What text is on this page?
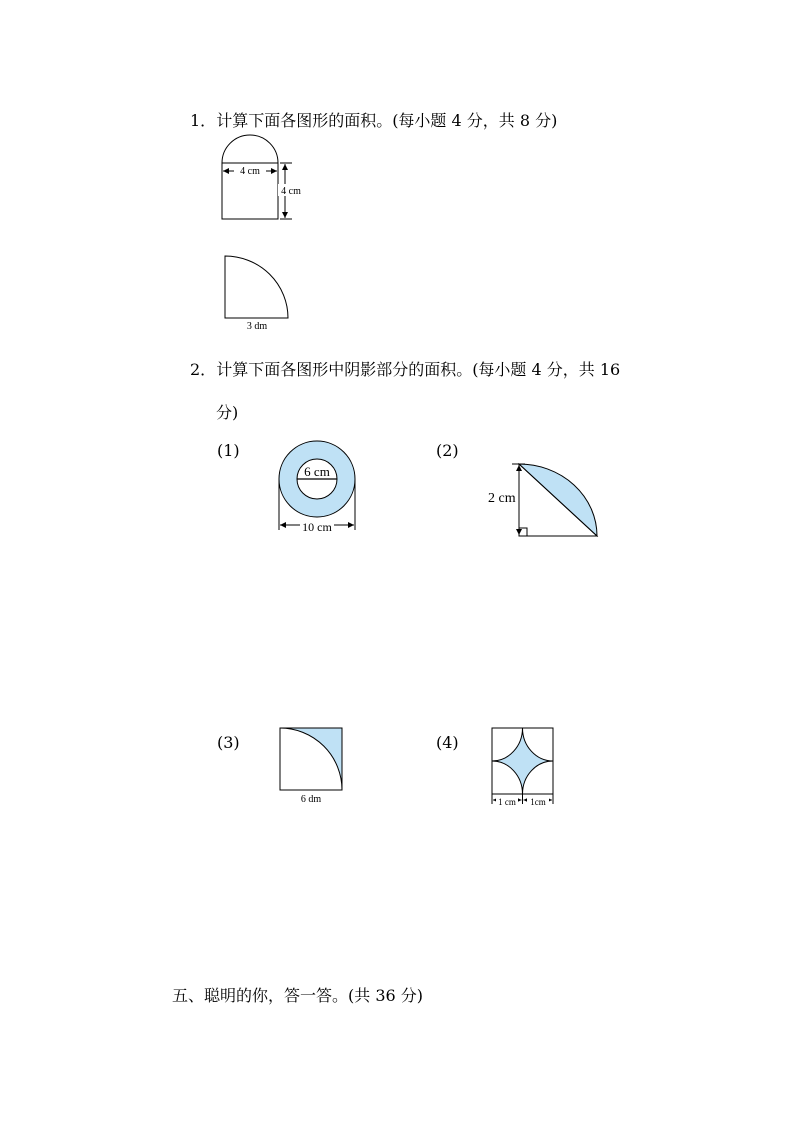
1．计算下面各图形的面积。(每小题 4 分，共 8 分)
2．计算下面各图形中阴影部分的面积。(每小题 4 分，共 16
分)
(1)	(2)
(3)	(4)
五、聪明的你，答一答。(共 36 分)
4 cm
4 cm
3 dm
6 cm
10 cm
2 cm
6 dm	1 cm 1cm
